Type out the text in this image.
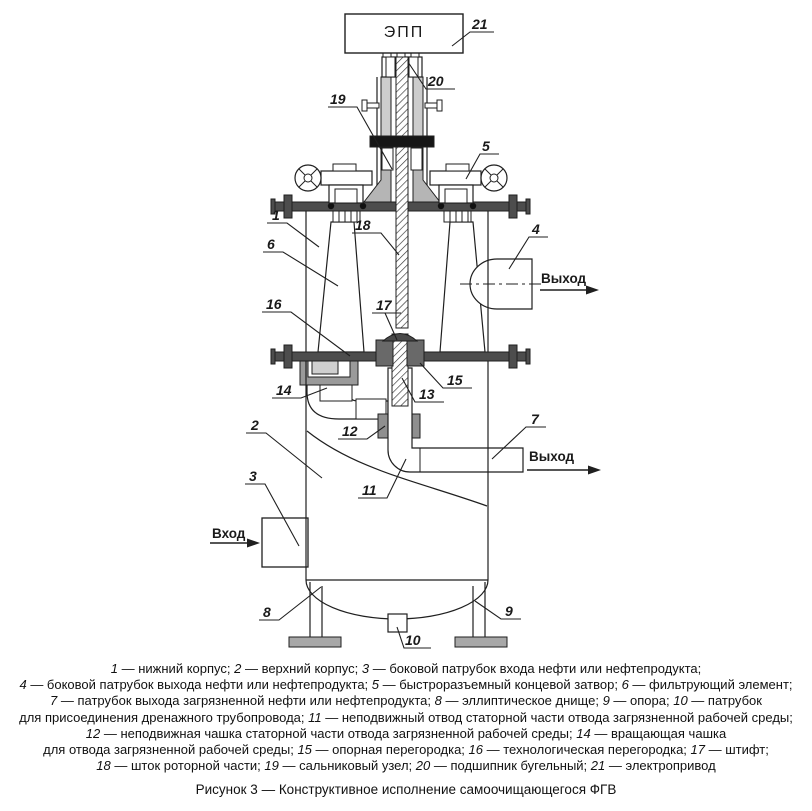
ЭПП
Вход
Выход
Выход
21
20
19
5
1
6
18	4
16	17
15
13
14
12
2
3
11
7
8	9
10
1 — нижний корпус; 2 — верхний корпус; 3 — боковой патрубок входа нефти или нефтепродукта;
4 — боковой патрубок выхода нефти или нефтепродукта; 5 — быстроразъемный концевой затвор; 6 — фильтрующий элемент;
7 — патрубок выхода загрязненной нефти или нефтепродукта; 8 — эллиптическое днище; 9 — опора; 10 — патрубок
для присоединения дренажного трубопровода; 11 — неподвижный отвод статорной части отвода загрязненной рабочей среды;
12 — неподвижная чашка статорной части отвода загрязненной рабочей среды; 14 — вращающая чашка
для отвода загрязненной рабочей среды; 15 — опорная перегородка; 16 — технологическая перегородка; 17 — штифт;
18 — шток роторной части; 19 — сальниковый узел; 20 — подшипник бугельный; 21 — электропривод
Рисунок 3 — Конструктивное исполнение самоочищающегося ФГВ
